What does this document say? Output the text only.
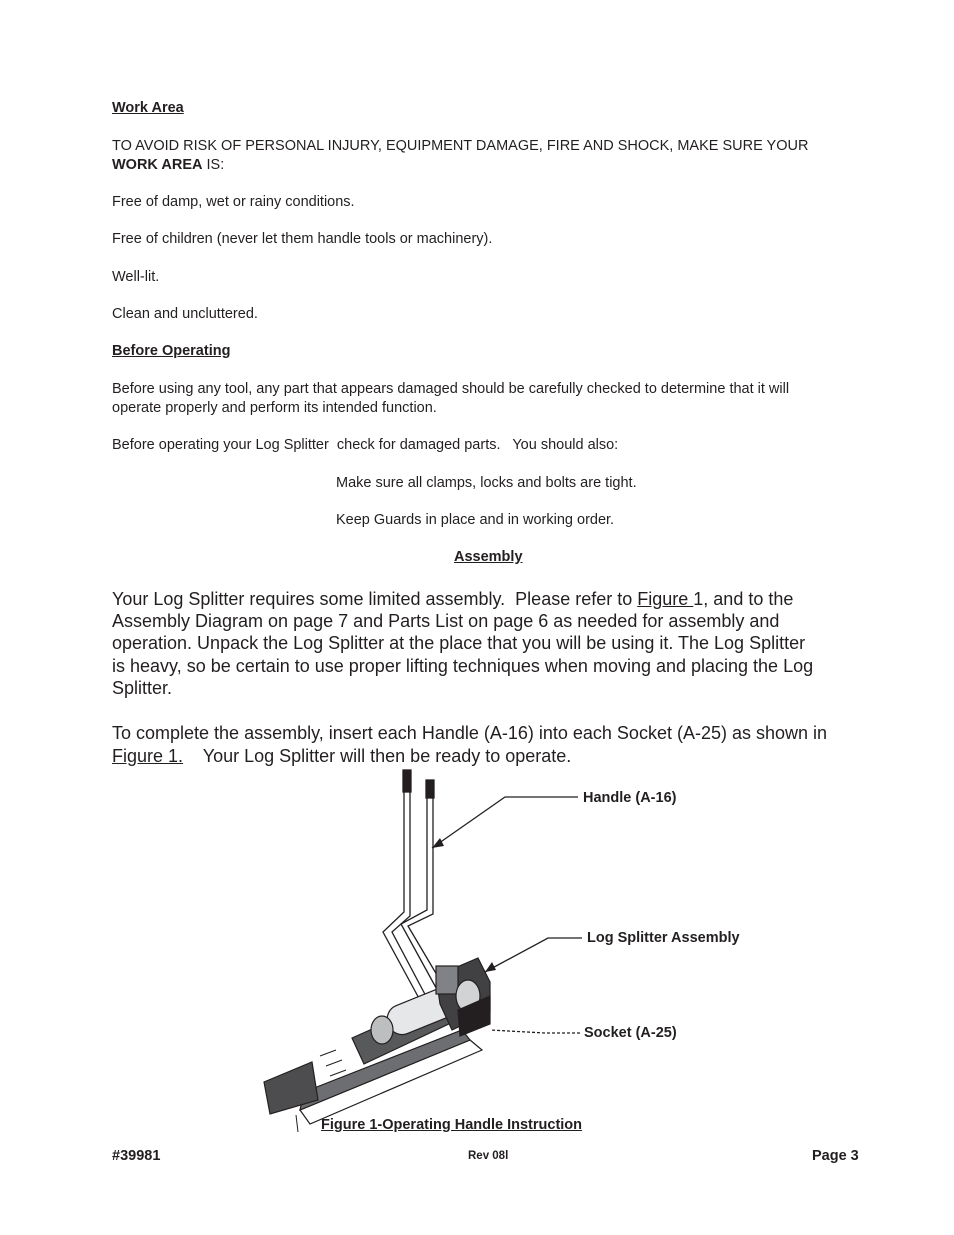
Work Area
TO AVOID RISK OF PERSONAL INJURY, EQUIPMENT DAMAGE, FIRE AND SHOCK, MAKE SURE YOUR
WORK AREA IS:
Free of damp, wet or rainy conditions.
Free of children (never let them handle tools or machinery).
Well-lit.
Clean and uncluttered.
Before Operating
Before using any tool, any part that appears damaged should be carefully checked to determine that it will
operate properly and perform its intended function.
Before operating your Log Splitter  check for damaged parts.   You should also:
Make sure all clamps, locks and bolts are tight.
Keep Guards in place and in working order.
Assembly
Your Log Splitter requires some limited assembly.  Please refer to Figure 1, and to the
Assembly Diagram on page 7 and Parts List on page 6 as needed for assembly and
operation. Unpack the Log Splitter at the place that you will be using it. The Log Splitter
is heavy, so be certain to use proper lifting techniques when moving and placing the Log
Splitter.
To complete the assembly, insert each Handle (A-16) into each Socket (A-25) as shown in
Figure 1.    Your Log Splitter will then be ready to operate.
Handle (A-16)
Log Splitter Assembly
Socket (A-25)
Figure 1-Operating Handle Instruction
#39981	Rev 08l	Page 3
